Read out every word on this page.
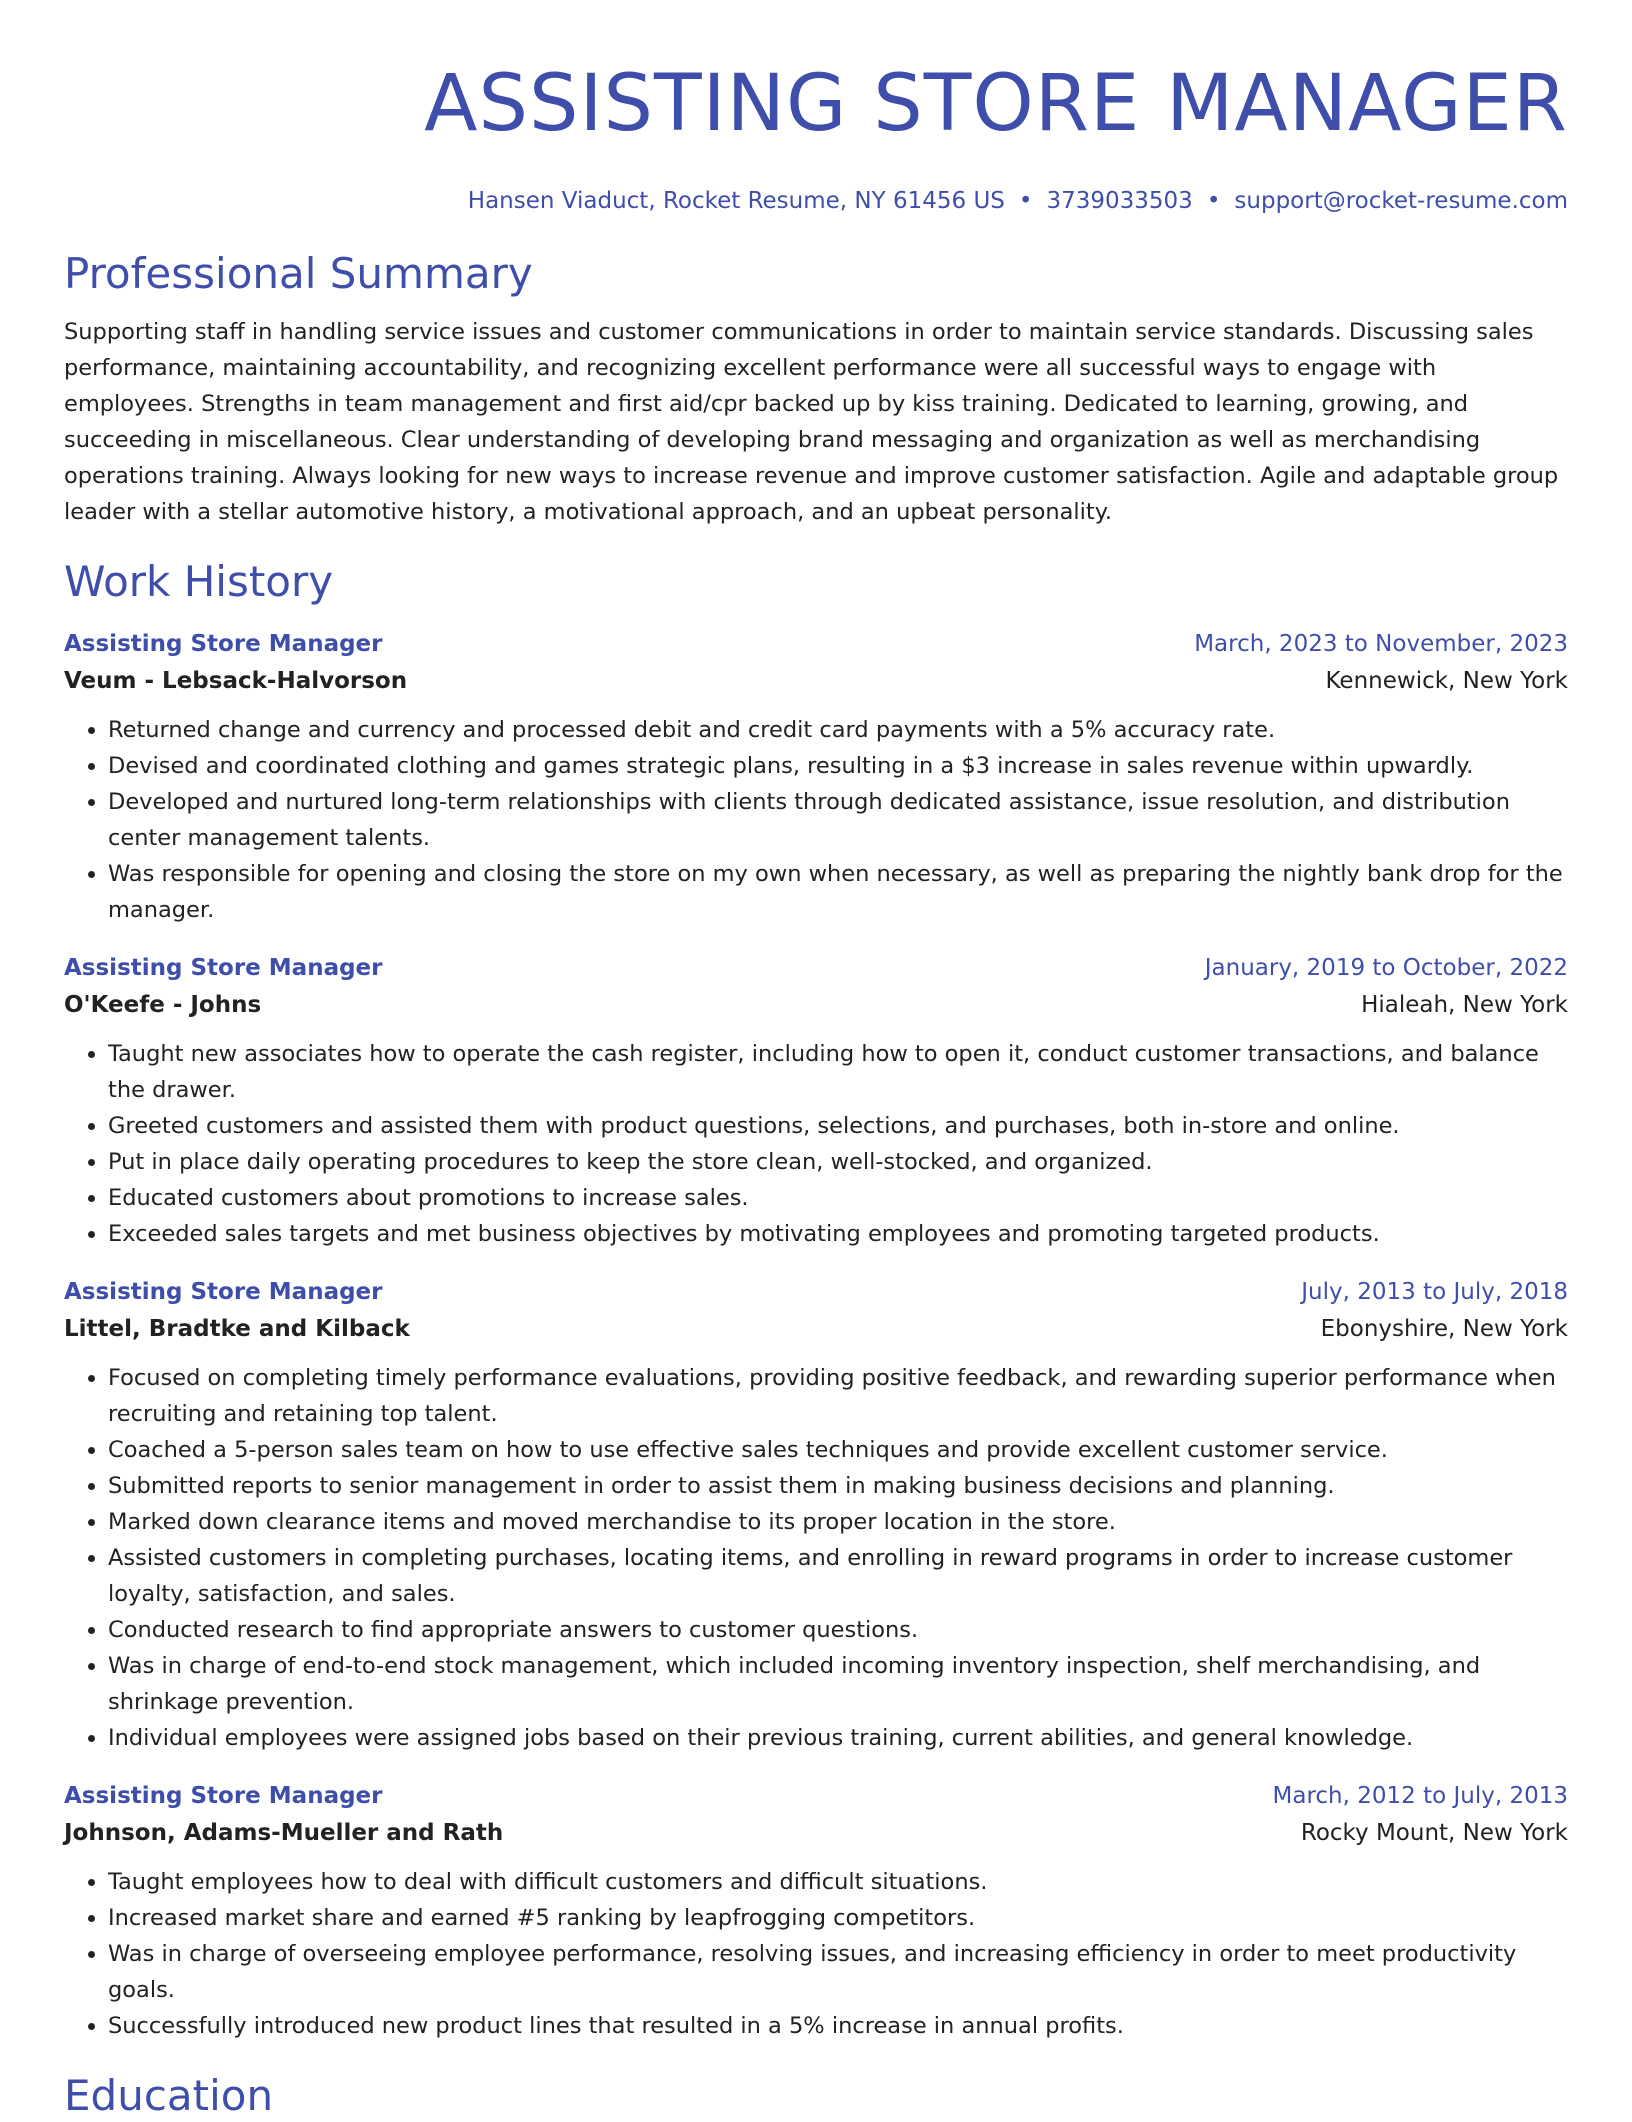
ASSISTING STORE MANAGER
Hansen Viaduct, Rocket Resume, NY 61456 US • 3739033503 • support@rocket-resume.com
Professional Summary

Supporting staff in handling service issues and customer communications in order to maintain service standards. Discussing sales performance, maintaining accountability, and recognizing excellent performance were all successful ways to engage with employees. Strengths in team management and first aid/cpr backed up by kiss training. Dedicated to learning, growing, and succeeding in miscellaneous. Clear understanding of developing brand messaging and organization as well as merchandising operations training. Always looking for new ways to increase revenue and improve customer satisfaction. Agile and adaptable group leader with a stellar automotive history, a motivational approach, and an upbeat personality.

Work History
Assisting Store Manager	March, 2023 to November, 2023
Veum - Lebsack-Halvorson	Kennewick, New York
• Returned change and currency and processed debit and credit card payments with a 5% accuracy rate.
• Devised and coordinated clothing and games strategic plans, resulting in a $3 increase in sales revenue within upwardly.
• Developed and nurtured long-term relationships with clients through dedicated assistance, issue resolution, and distribution center management talents.
• Was responsible for opening and closing the store on my own when necessary, as well as preparing the nightly bank drop for the manager.
Assisting Store Manager	January, 2019 to October, 2022
O'Keefe - Johns	Hialeah, New York
• Taught new associates how to operate the cash register, including how to open it, conduct customer transactions, and balance the drawer.
• Greeted customers and assisted them with product questions, selections, and purchases, both in-store and online.
• Put in place daily operating procedures to keep the store clean, well-stocked, and organized.
• Educated customers about promotions to increase sales.
• Exceeded sales targets and met business objectives by motivating employees and promoting targeted products.
Assisting Store Manager	July, 2013 to July, 2018
Littel, Bradtke and Kilback	Ebonyshire, New York
• Focused on completing timely performance evaluations, providing positive feedback, and rewarding superior performance when recruiting and retaining top talent.
• Coached a 5-person sales team on how to use effective sales techniques and provide excellent customer service.
• Submitted reports to senior management in order to assist them in making business decisions and planning.
• Marked down clearance items and moved merchandise to its proper location in the store.
• Assisted customers in completing purchases, locating items, and enrolling in reward programs in order to increase customer loyalty, satisfaction, and sales.
• Conducted research to find appropriate answers to customer questions.
• Was in charge of end-to-end stock management, which included incoming inventory inspection, shelf merchandising, and shrinkage prevention.
• Individual employees were assigned jobs based on their previous training, current abilities, and general knowledge.
Assisting Store Manager	March, 2012 to July, 2013
Johnson, Adams-Mueller and Rath	Rocky Mount, New York
• Taught employees how to deal with difficult customers and difficult situations.
• Increased market share and earned #5 ranking by leapfrogging competitors.
• Was in charge of overseeing employee performance, resolving issues, and increasing efficiency in order to meet productivity goals.
• Successfully introduced new product lines that resulted in a 5% increase in annual profits.
Education
